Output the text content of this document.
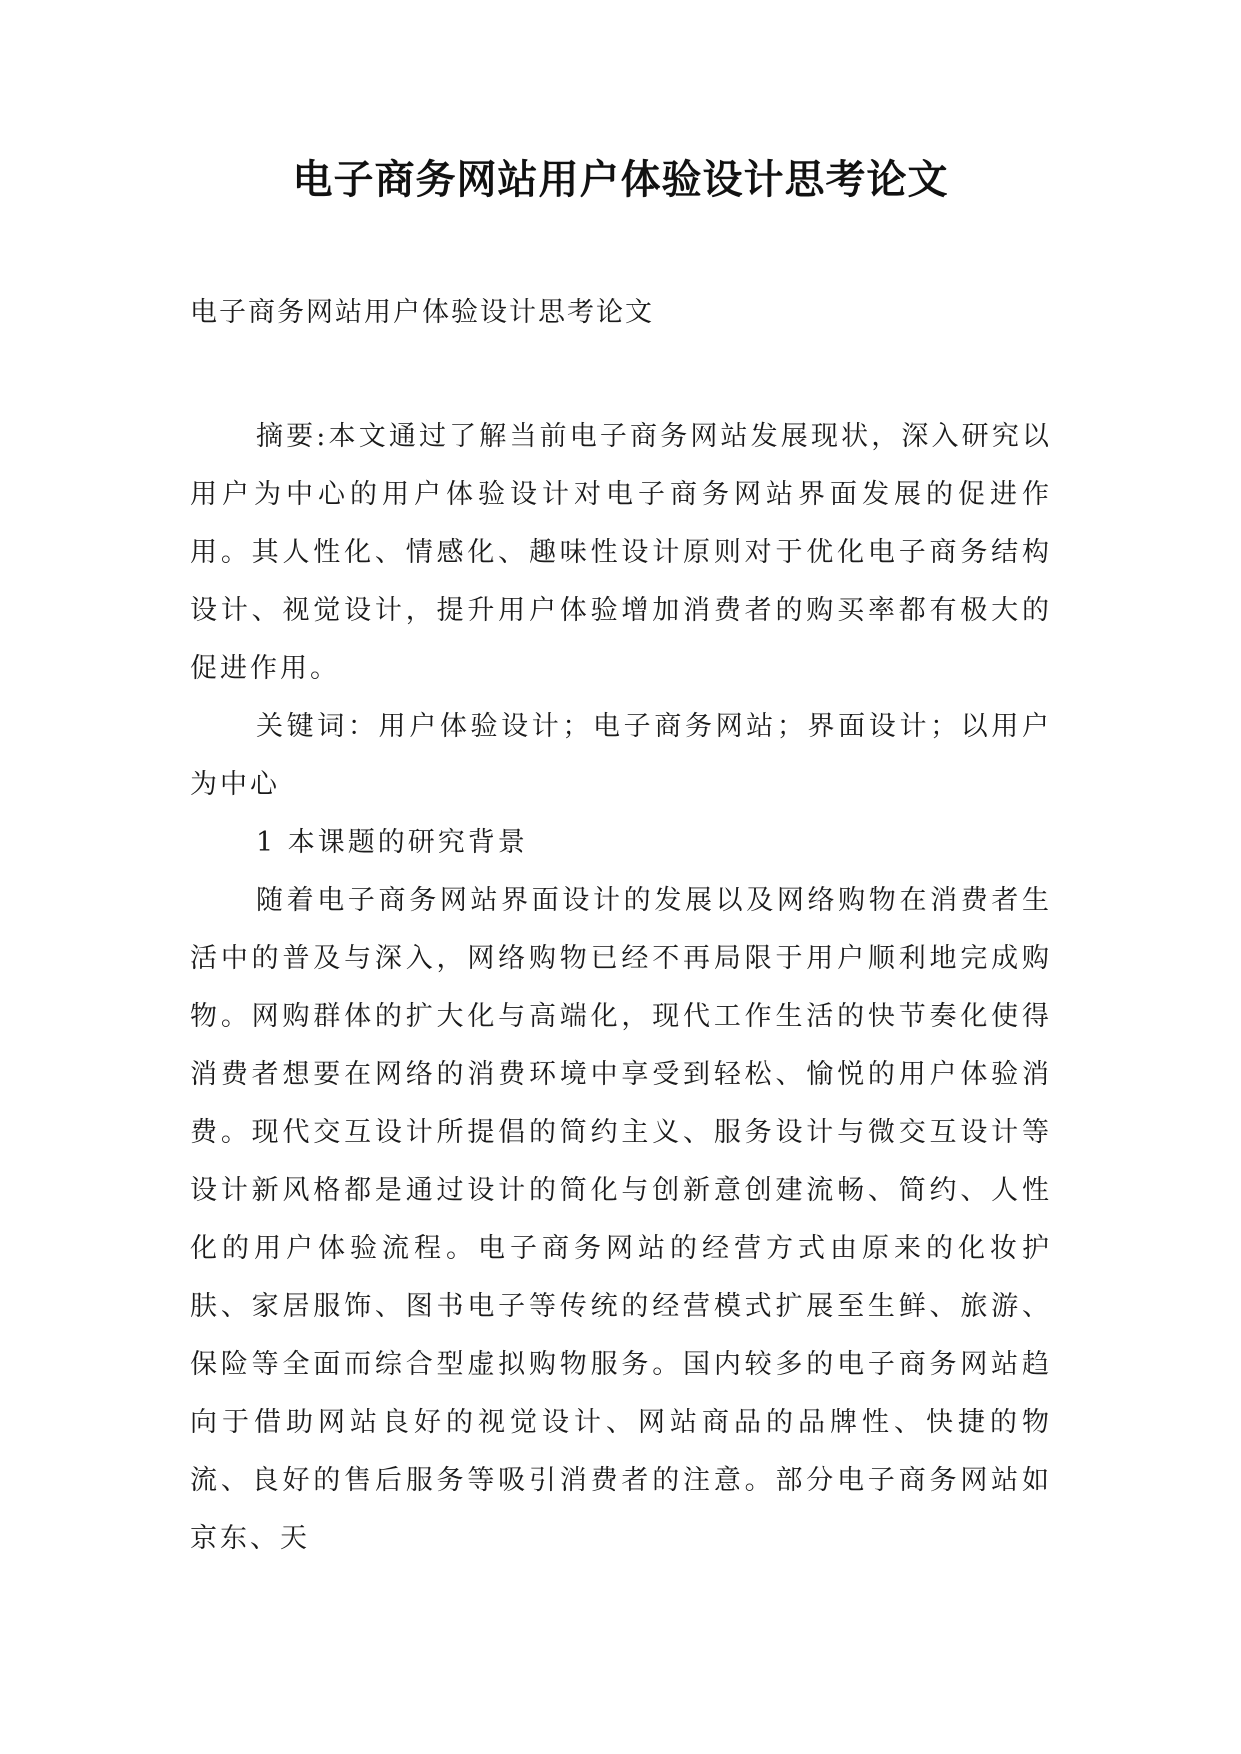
电子商务网站用户体验设计思考论文
电子商务网站用户体验设计思考论文

摘要:本文通过了解当前电子商务网站发展现状，深入研究以用户为中心的用户体验设计对电子商务网站界面发展的促进作用。其人性化、情感化、趣味性设计原则对于优化电子商务结构设计、视觉设计，提升用户体验增加消费者的购买率都有极大的促进作用。

关键词：用户体验设计；电子商务网站；界面设计；以用户为中心

1 本课题的研究背景

随着电子商务网站界面设计的发展以及网络购物在消费者生活中的普及与深入，网络购物已经不再局限于用户顺利地完成购物。网购群体的扩大化与高端化，现代工作生活的快节奏化使得消费者想要在网络的消费环境中享受到轻松、愉悦的用户体验消费。现代交互设计所提倡的简约主义、服务设计与微交互设计等设计新风格都是通过设计的简化与创新意创建流畅、简约、人性化的用户体验流程。电子商务网站的经营方式由原来的化妆护肤、家居服饰、图书电子等传统的经营模式扩展至生鲜、旅游、保险等全面而综合型虚拟购物服务。国内较多的电子商务网站趋向于借助网站良好的视觉设计、网站商品的品牌性、快捷的物流、良好的售后服务等吸引消费者的注意。部分电子商务网站如京东、天
